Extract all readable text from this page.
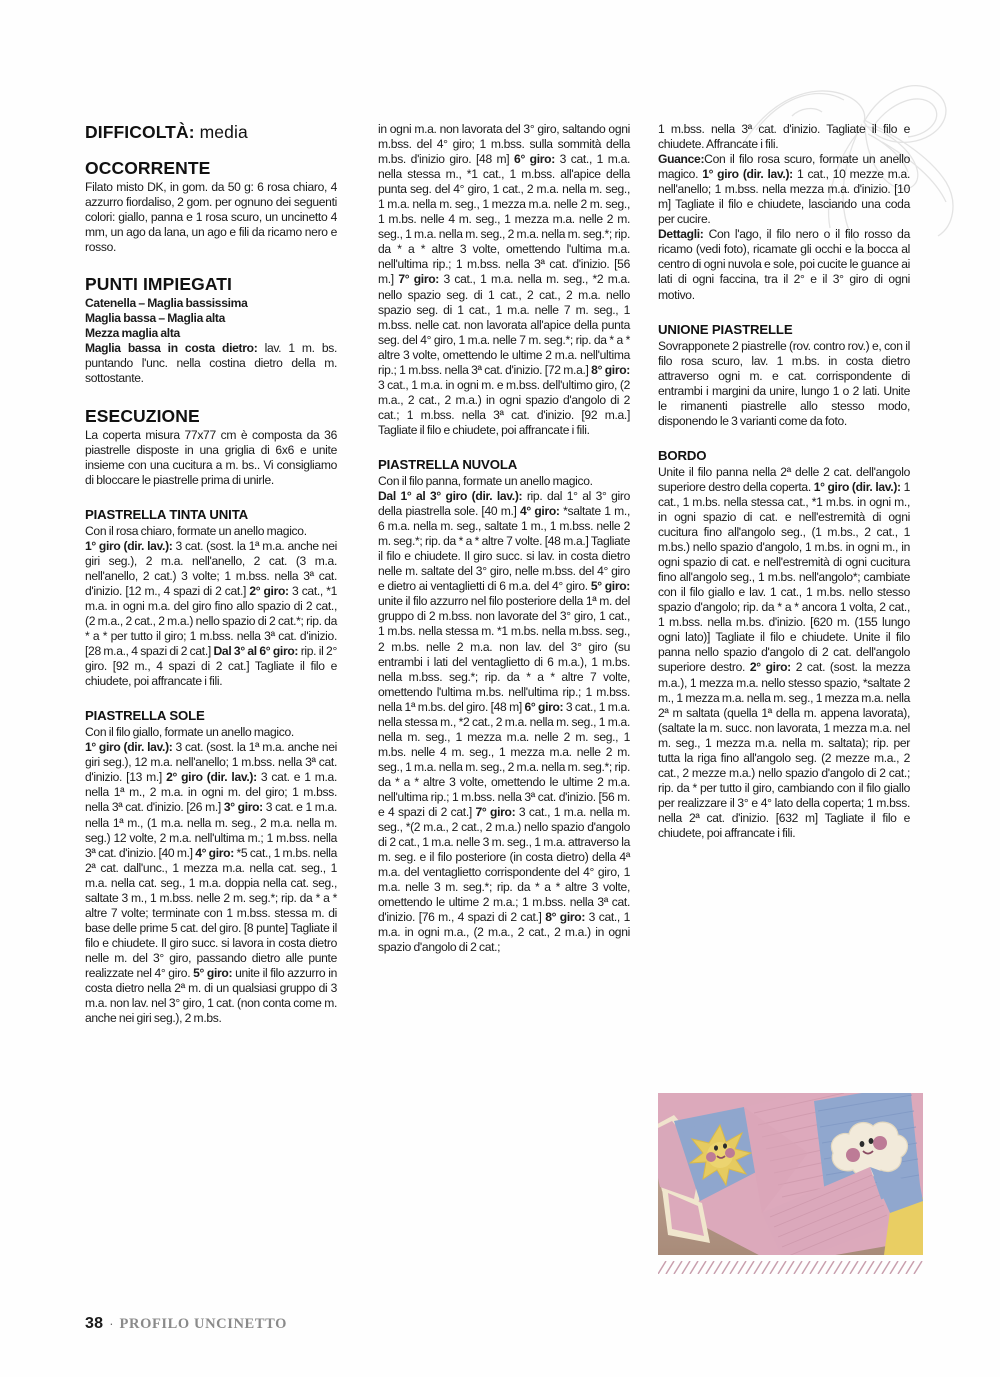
DIFFICOLTÀ: media
OCCORRENTE

Filato misto DK, in gom. da 50 g: 6 rosa chiaro, 4 azzurro fiordaliso, 2 gom. per ognuno dei seguenti colori: giallo, panna e 1 rosa scuro, un uncinetto 4 mm, un ago da lana, un ago e fili da ricamo nero e rosso.

PUNTI IMPIEGATI
Catenella – Maglia bassissima
Maglia bassa – Maglia alta
Mezza maglia alta

Maglia bassa in costa dietro: lav. 1 m. bs. puntando l'unc. nella costina dietro della m. sottostante.

ESECUZIONE

La coperta misura 77x77 cm è composta da 36 piastrelle disposte in una griglia di 6x6 e unite insieme con una cucitura a m. bs.. Vi consigliamo di bloccare le piastrelle prima di unirle.

PIASTRELLA TINTA UNITA

Con il rosa chiaro, formate un anello magico.
1° giro (dir. lav.): 3 cat. (sost. la 1ª m.a. anche nei giri seg.), 2 m.a. nell'anello, 2 cat. (3 m.a. nell'anello, 2 cat.) 3 volte; 1 m.bss. nella 3ª cat. d'inizio. [12 m., 4 spazi di 2 cat.] 2° giro: 3 cat., *1 m.a. in ogni m.a. del giro fino allo spazio di 2 cat., (2 m.a., 2 cat., 2 m.a.) nello spazio di 2 cat.*; rip. da * a * per tutto il giro; 1 m.bss. nella 3ª cat. d'inizio. [28 m.a., 4 spazi di 2 cat.] Dal 3° al 6° giro: rip. il 2° giro. [92 m., 4 spazi di 2 cat.] Tagliate il filo e chiudete, poi affrancate i fili.

PIASTRELLA SOLE

Con il filo giallo, formate un anello magico.
1° giro (dir. lav.): 3 cat. (sost. la 1ª m.a. anche nei giri seg.), 12 m.a. nell'anello; 1 m.bss. nella 3ª cat. d'inizio. [13 m.] 2° giro (dir. lav.): 3 cat. e 1 m.a. nella 1ª m., 2 m.a. in ogni m. del giro; 1 m.bss. nella 3ª cat. d'inizio. [26 m.] 3° giro: 3 cat. e 1 m.a. nella 1ª m., (1 m.a. nella m. seg., 2 m.a. nella m. seg.) 12 volte, 2 m.a. nell'ultima m.; 1 m.bss. nella 3ª cat. d'inizio. [40 m.] 4° giro: *5 cat., 1 m.bs. nella 2ª cat. dall'unc., 1 mezza m.a. nella cat. seg., 1 m.a. nella cat. seg., 1 m.a. doppia nella cat. seg., saltate 3 m., 1 m.bss. nelle 2 m. seg.*; rip. da * a * altre 7 volte; terminate con 1 m.bss. stessa m. di base delle prime 5 cat. del giro. [8 punte] Tagliate il filo e chiudete. Il giro succ. si lavora in costa dietro nelle m. del 3° giro, passando dietro alle punte realizzate nel 4° giro. 5° giro: unite il filo azzurro in costa dietro nella 2ª m. di un qualsiasi gruppo di 3 m.a. non lav. nel 3° giro, 1 cat. (non conta come m. anche nei giri seg.), 2 m.bs.

in ogni m.a. non lavorata del 3° giro, saltando ogni m.bss. del 4° giro; 1 m.bss. sulla sommità della m.bs. d'inizio giro. [48 m] 6° giro: 3 cat., 1 m.a. nella stessa m., *1 cat., 1 m.bss. all'apice della punta seg. del 4° giro, 1 cat., 2 m.a. nella m. seg., 1 m.a. nella m. seg., 1 mezza m.a. nelle 2 m. seg., 1 m.bs. nelle 4 m. seg., 1 mezza m.a. nelle 2 m. seg., 1 m.a. nella m. seg., 2 m.a. nella m. seg.*; rip. da * a * altre 3 volte, omettendo l'ultima m.a. nell'ultima rip.; 1 m.bss. nella 3ª cat. d'inizio. [56 m.] 7° giro: 3 cat., 1 m.a. nella m. seg., *2 m.a. nello spazio seg. di 1 cat., 2 cat., 2 m.a. nello spazio seg. di 1 cat., 1 m.a. nelle 7 m. seg., 1 m.bss. nelle cat. non lavorata all'apice della punta seg. del 4° giro, 1 m.a. nelle 7 m. seg.*; rip. da * a * altre 3 volte, omettendo le ultime 2 m.a. nell'ultima rip.; 1 m.bss. nella 3ª cat. d'inizio. [72 m.a.] 8° giro: 3 cat., 1 m.a. in ogni m. e m.bss. dell'ultimo giro, (2 m.a., 2 cat., 2 m.a.) in ogni spazio d'angolo di 2 cat.; 1 m.bss. nella 3ª cat. d'inizio. [92 m.a.] Tagliate il filo e chiudete, poi affrancate i fili.

PIASTRELLA NUVOLA

Con il filo panna, formate un anello magico.
Dal 1° al 3° giro (dir. lav.): rip. dal 1° al 3° giro della piastrella sole. [40 m.] 4° giro: *saltate 1 m., 6 m.a. nella m. seg., saltate 1 m., 1 m.bss. nelle 2 m. seg.*; rip. da * a * altre 7 volte. [48 m.a.] Tagliate il filo e chiudete. Il giro succ. si lav. in costa dietro nelle m. saltate del 3° giro, nelle m.bss. del 4° giro e dietro ai ventaglietti di 6 m.a. del 4° giro. 5° giro: unite il filo azzurro nel filo posteriore della 1ª m. del gruppo di 2 m.bss. non lavorate del 3° giro, 1 cat., 1 m.bs. nella stessa m. *1 m.bs. nella m.bss. seg., 2 m.bs. nelle 2 m.a. non lav. del 3° giro (su entrambi i lati del ventaglietto di 6 m.a.), 1 m.bs. nella m.bss. seg.*; rip. da * a * altre 7 volte, omettendo l'ultima m.bs. nell'ultima rip.; 1 m.bss. nella 1ª m.bs. del giro. [48 m] 6° giro: 3 cat., 1 m.a. nella stessa m., *2 cat., 2 m.a. nella m. seg., 1 m.a. nella m. seg., 1 mezza m.a. nelle 2 m. seg., 1 m.bs. nelle 4 m. seg., 1 mezza m.a. nelle 2 m. seg., 1 m.a. nella m. seg., 2 m.a. nella m. seg.*; rip. da * a * altre 3 volte, omettendo le ultime 2 m.a. nell'ultima rip.; 1 m.bss. nella 3ª cat. d'inizio. [56 m. e 4 spazi di 2 cat.] 7° giro: 3 cat., 1 m.a. nella m. seg., *(2 m.a., 2 cat., 2 m.a.) nello spazio d'angolo di 2 cat., 1 m.a. nelle 3 m. seg., 1 m.a. attraverso la m. seg. e il filo posteriore (in costa dietro) della 4ª m.a. del ventaglietto corrispondente del 4° giro, 1 m.a. nelle 3 m. seg.*; rip. da * a * altre 3 volte, omettendo le ultime 2 m.a.; 1 m.bss. nella 3ª cat. d'inizio. [76 m., 4 spazi di 2 cat.] 8° giro: 3 cat., 1 m.a. in ogni m.a., (2 m.a., 2 cat., 2 m.a.) in ogni spazio d'angolo di 2 cat.;

1 m.bss. nella 3ª cat. d'inizio. Tagliate il filo e chiudete. Affrancate i fili.

Guance:Con il filo rosa scuro, formate un anello magico. 1° giro (dir. lav.): 1 cat., 10 mezze m.a. nell'anello; 1 m.bss. nella mezza m.a. d'inizio. [10 m] Tagliate il filo e chiudete, lasciando una coda per cucire.

Dettagli: Con l'ago, il filo nero o il filo rosso da ricamo (vedi foto), ricamate gli occhi e la bocca al centro di ogni nuvola e sole, poi cucite le guance ai lati di ogni faccina, tra il 2° e il 3° giro di ogni motivo.

UNIONE PIASTRELLE

Sovrapponete 2 piastrelle (rov. contro rov.) e, con il filo rosa scuro, lav. 1 m.bs. in costa dietro attraverso ogni m. e cat. corrispondente di entrambi i margini da unire, lungo 1 o 2 lati. Unite le rimanenti piastrelle allo stesso modo, disponendo le 3 varianti come da foto.

BORDO

Unite il filo panna nella 2ª delle 2 cat. dell'angolo superiore destro della coperta. 1° giro (dir. lav.): 1 cat., 1 m.bs. nella stessa cat., *1 m.bs. in ogni m., in ogni spazio di cat. e nell'estremità di ogni cucitura fino all'angolo seg., (1 m.bs., 2 cat., 1 m.bs.) nello spazio d'angolo, 1 m.bs. in ogni m., in ogni spazio di cat. e nell'estremità di ogni cucitura fino all'angolo seg., 1 m.bs. nell'angolo*; cambiate con il filo giallo e lav. 1 cat., 1 m.bs. nello stesso spazio d'angolo; rip. da * a * ancora 1 volta, 2 cat., 1 m.bss. nella m.bs. d'inizio. [620 m. (155 lungo ogni lato)] Tagliate il filo e chiudete. Unite il filo panna nello spazio d'angolo di 2 cat. dell'angolo superiore destro. 2° giro: 2 cat. (sost. la mezza m.a.), 1 mezza m.a. nello stesso spazio, *saltate 2 m., 1 mezza m.a. nella m. seg., 1 mezza m.a. nella 2ª m saltata (quella 1ª della m. appena lavorata), (saltate la m. succ. non lavorata, 1 mezza m.a. nel m. seg., 1 mezza m.a. nella m. saltata); rip. per tutta la riga fino all'angolo seg. (2 mezze m.a., 2 cat., 2 mezze m.a.) nello spazio d'angolo di 2 cat.; rip. da * per tutto il giro, cambiando con il filo giallo per realizzare il 3° e 4° lato della coperta; 1 m.bss. nella 2ª cat. d'inizio. [632 m] Tagliate il filo e chiudete, poi affrancate i fili.

38 · PROFILO UNCINETTO
